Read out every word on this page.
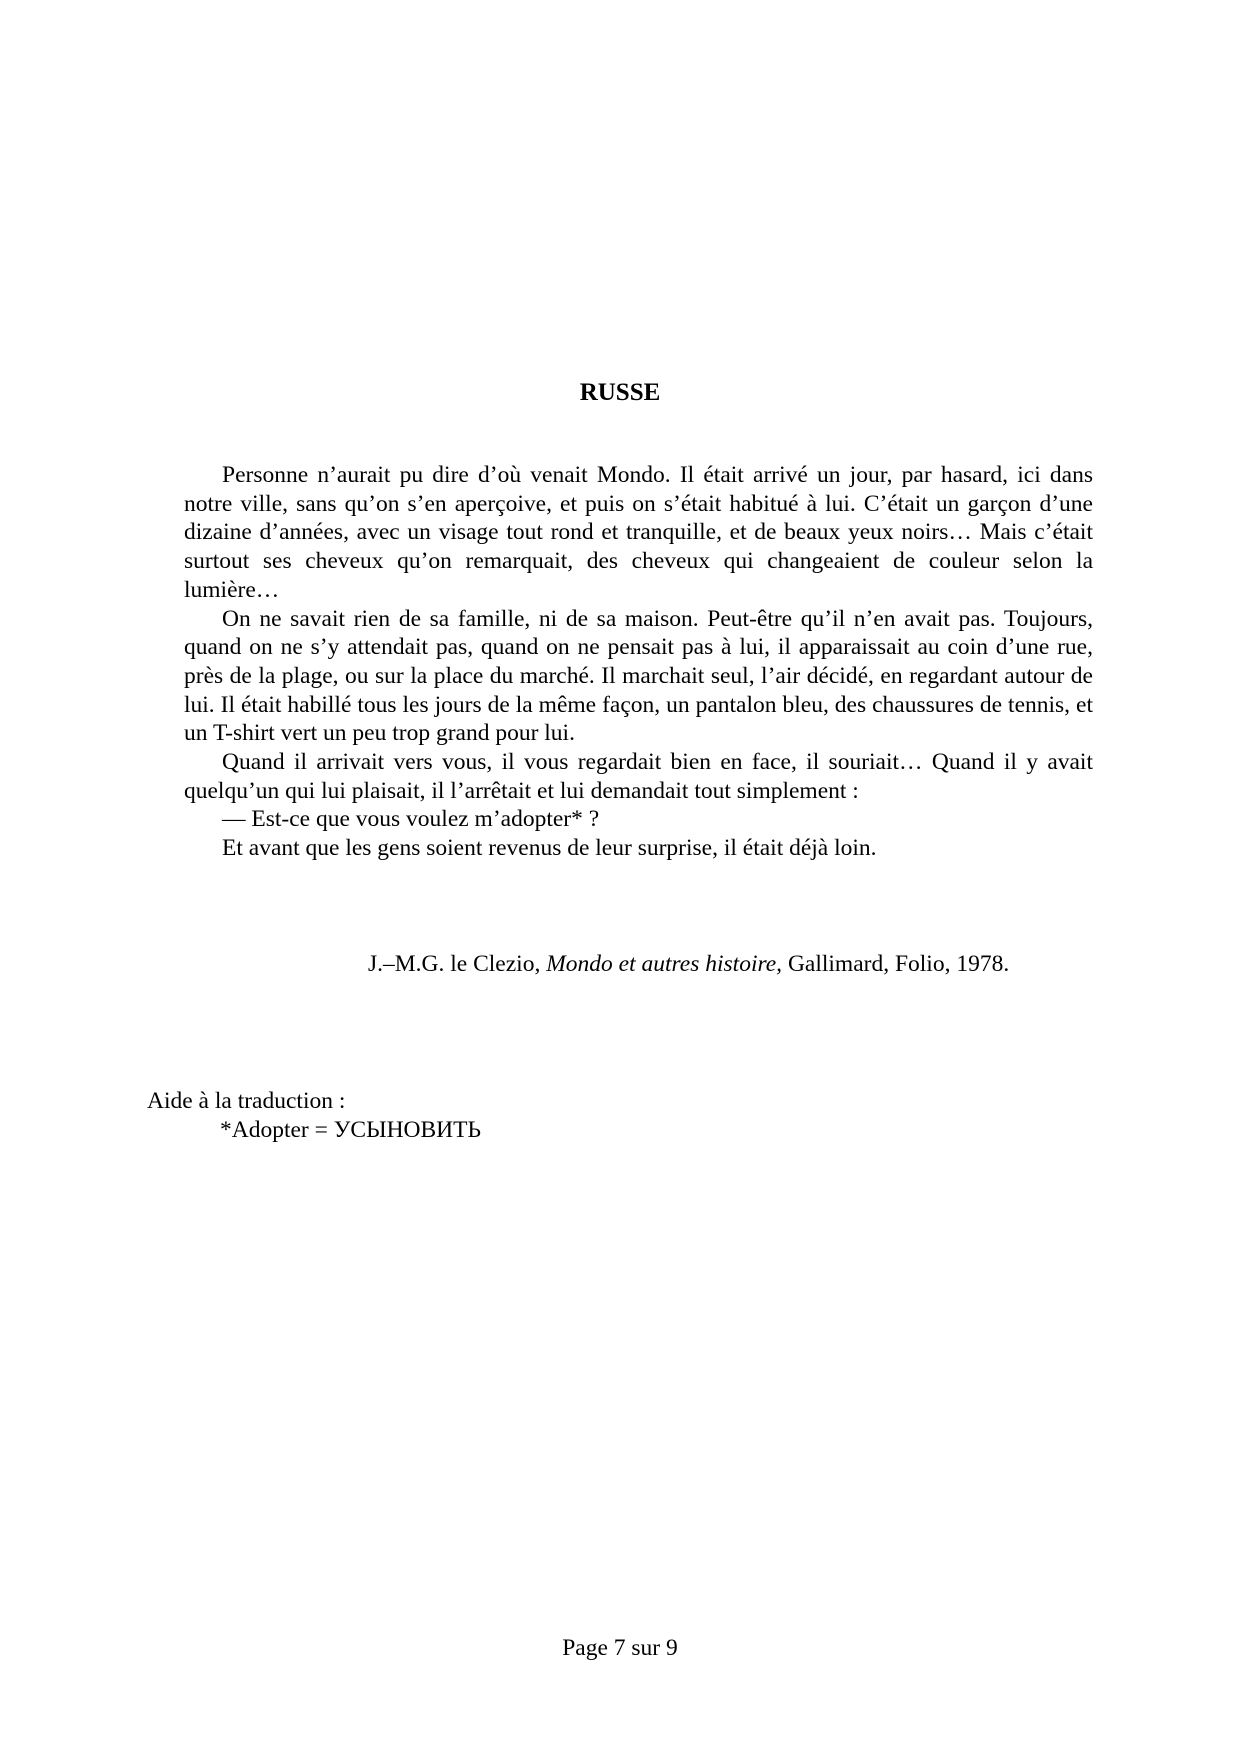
RUSSE

Personne n’aurait pu dire d’où venait Mondo. Il était arrivé un jour, par hasard, ici dans notre ville, sans qu’on s’en aperçoive, et puis on s’était habitué à lui. C’était un garçon d’une dizaine d’années, avec un visage tout rond et tranquille, et de beaux yeux noirs… Mais c’était surtout ses cheveux qu’on remarquait, des cheveux qui changeaient de couleur selon la lumière…

On ne savait rien de sa famille, ni de sa maison. Peut-être qu’il n’en avait pas. Toujours, quand on ne s’y attendait pas, quand on ne pensait pas à lui, il apparaissait au coin d’une rue, près de la plage, ou sur la place du marché. Il marchait seul, l’air décidé, en regardant autour de lui. Il était habillé tous les jours de la même façon, un pantalon bleu, des chaussures de tennis, et un T-shirt vert un peu trop grand pour lui.

Quand il arrivait vers vous, il vous regardait bien en face, il souriait… Quand il y avait quelqu’un qui lui plaisait, il l’arrêtait et lui demandait tout simplement :

— Est-ce que vous voulez m’adopter* ?

Et avant que les gens soient revenus de leur surprise, il était déjà loin.

J.–M.G. le Clezio, Mondo et autres histoire, Gallimard, Folio, 1978.
Aide à la traduction :
*Adopter = УСЫНОВИТЬ
Page 7 sur 9
